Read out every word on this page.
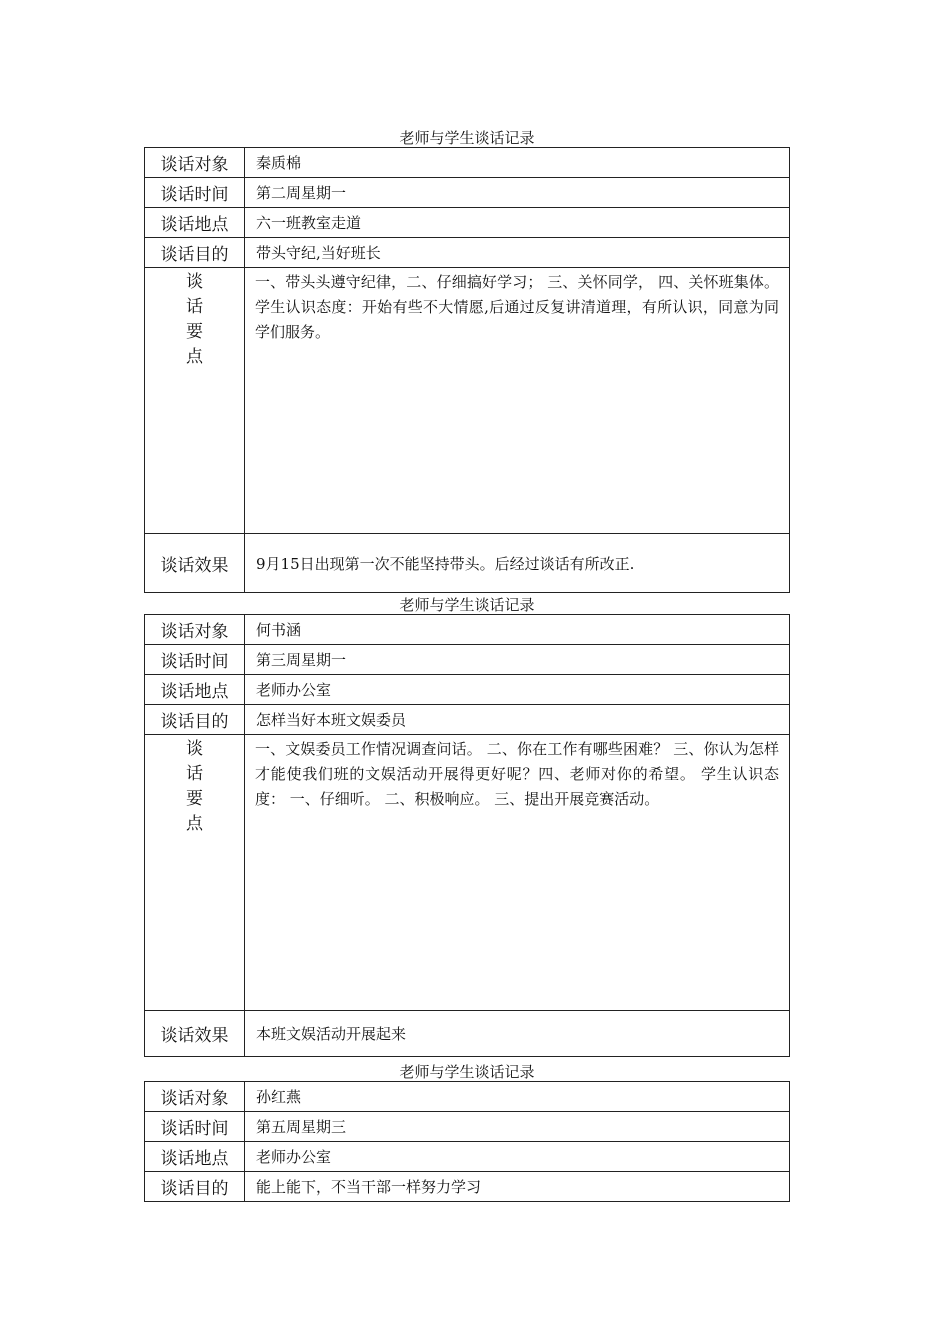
老师与学生谈话记录
谈话对象	秦质棉
谈话时间	第二周星期一
谈话地点	六一班教室走道
谈话目的	带头守纪,当好班长

谈
话
要
点	一、带头头遵守纪律，二、仔细搞好学习； 三、关怀同学， 四、关怀班集体。 学生认识态度：开始有些不大情愿,后通过反复讲清道理，有所认识，同意为同学们服务。
谈话效果	9月15日出现第一次不能坚持带头。后经过谈话有所改正.
老师与学生谈话记录
谈话对象	何书涵
谈话时间	第三周星期一
谈话地点	老师办公室
谈话目的	怎样当好本班文娱委员

谈
话
要
点	一、文娱委员工作情况调查问话。 二、你在工作有哪些困难？ 三、你认为怎样才能使我们班的文娱活动开展得更好呢？四、老师对你的希望。 学生认识态度： 一、仔细听。 二、积极响应。 三、提出开展竞赛活动。
谈话效果	本班文娱活动开展起来
老师与学生谈话记录
谈话对象	孙红燕
谈话时间	第五周星期三
谈话地点	老师办公室
谈话目的	能上能下，不当干部一样努力学习
